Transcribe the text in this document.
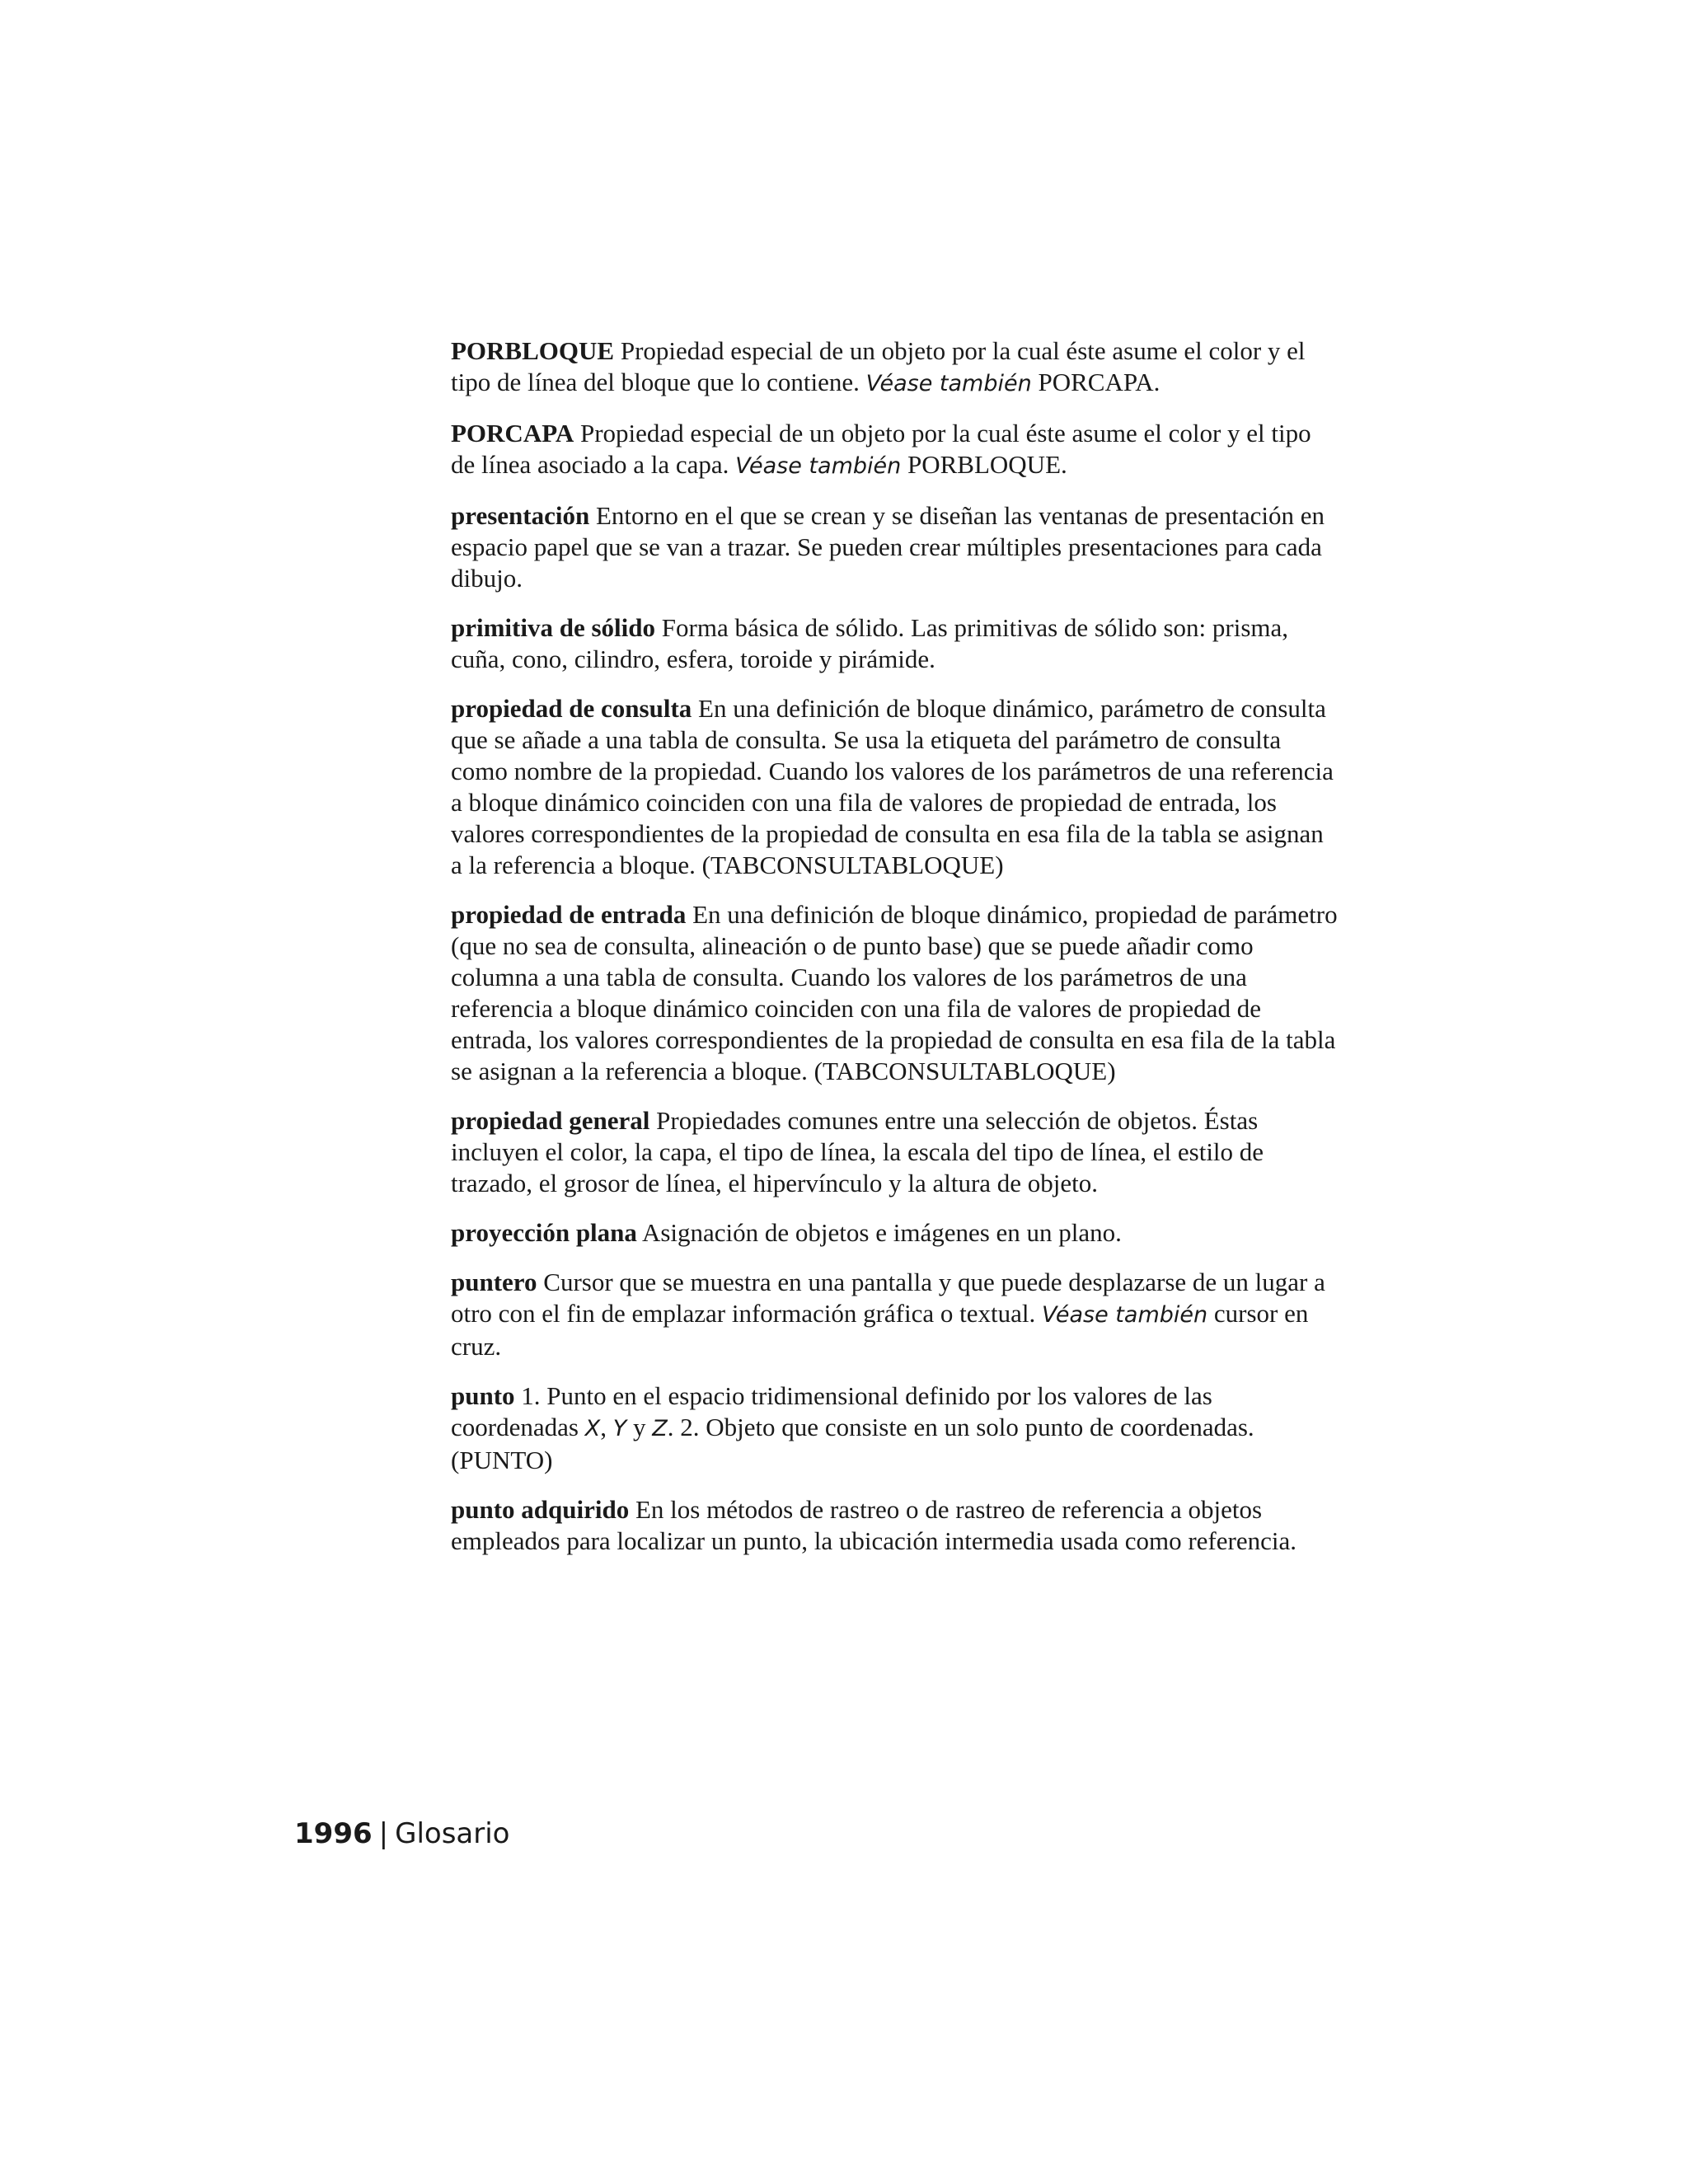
PORBLOQUE Propiedad especial de un objeto por la cual éste asume el color y el tipo de línea del bloque que lo contiene. Véase también PORCAPA.

PORCAPA Propiedad especial de un objeto por la cual éste asume el color y el tipo de línea asociado a la capa. Véase también PORBLOQUE.

presentación Entorno en el que se crean y se diseñan las ventanas de presentación en espacio papel que se van a trazar. Se pueden crear múltiples presentaciones para cada dibujo.

primitiva de sólido Forma básica de sólido. Las primitivas de sólido son: prisma, cuña, cono, cilindro, esfera, toroide y pirámide.

propiedad de consulta En una definición de bloque dinámico, parámetro de consulta que se añade a una tabla de consulta. Se usa la etiqueta del parámetro de consulta como nombre de la propiedad. Cuando los valores de los parámetros de una referencia a bloque dinámico coinciden con una fila de valores de propiedad de entrada, los valores correspondientes de la propiedad de consulta en esa fila de la tabla se asignan a la referencia a bloque. (TABCONSULTABLOQUE)

propiedad de entrada En una definición de bloque dinámico, propiedad de parámetro (que no sea de consulta, alineación o de punto base) que se puede añadir como columna a una tabla de consulta. Cuando los valores de los parámetros de una referencia a bloque dinámico coinciden con una fila de valores de propiedad de entrada, los valores correspondientes de la propiedad de consulta en esa fila de la tabla se asignan a la referencia a bloque. (TABCONSULTABLOQUE)

propiedad general Propiedades comunes entre una selección de objetos. Éstas incluyen el color, la capa, el tipo de línea, la escala del tipo de línea, el estilo de trazado, el grosor de línea, el hipervínculo y la altura de objeto.

proyección plana Asignación de objetos e imágenes en un plano.

puntero Cursor que se muestra en una pantalla y que puede desplazarse de un lugar a otro con el fin de emplazar información gráfica o textual. Véase también cursor en cruz.

punto 1. Punto en el espacio tridimensional definido por los valores de las coordenadas X, Y y Z. 2. Objeto que consiste en un solo punto de coordenadas. (PUNTO)

punto adquirido En los métodos de rastreo o de rastreo de referencia a objetos empleados para localizar un punto, la ubicación intermedia usada como referencia.

1996 | Glosario
